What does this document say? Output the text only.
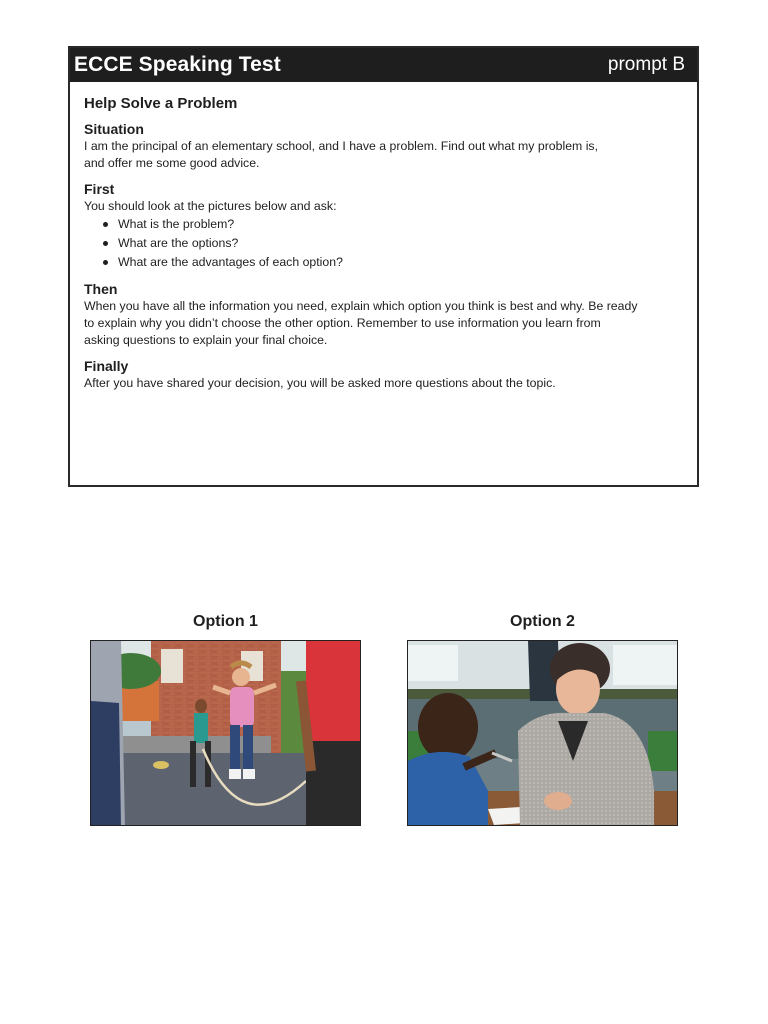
ECCE Speaking Test	prompt B
Help Solve a Problem
Situation

I am the principal of an elementary school, and I have a problem. Find out what my problem is,
and offer me some good advice.

First

You should look at the pictures below and ask:

What is the problem?
What are the options?
What are the advantages of each option?
Then

When you have all the information you need, explain which option you think is best and why. Be ready
to explain why you didn’t choose the other option. Remember to use information you learn from
asking questions to explain your final choice.

Finally

After you have shared your decision, you will be asked more questions about the topic.

Option 1	Option 2
